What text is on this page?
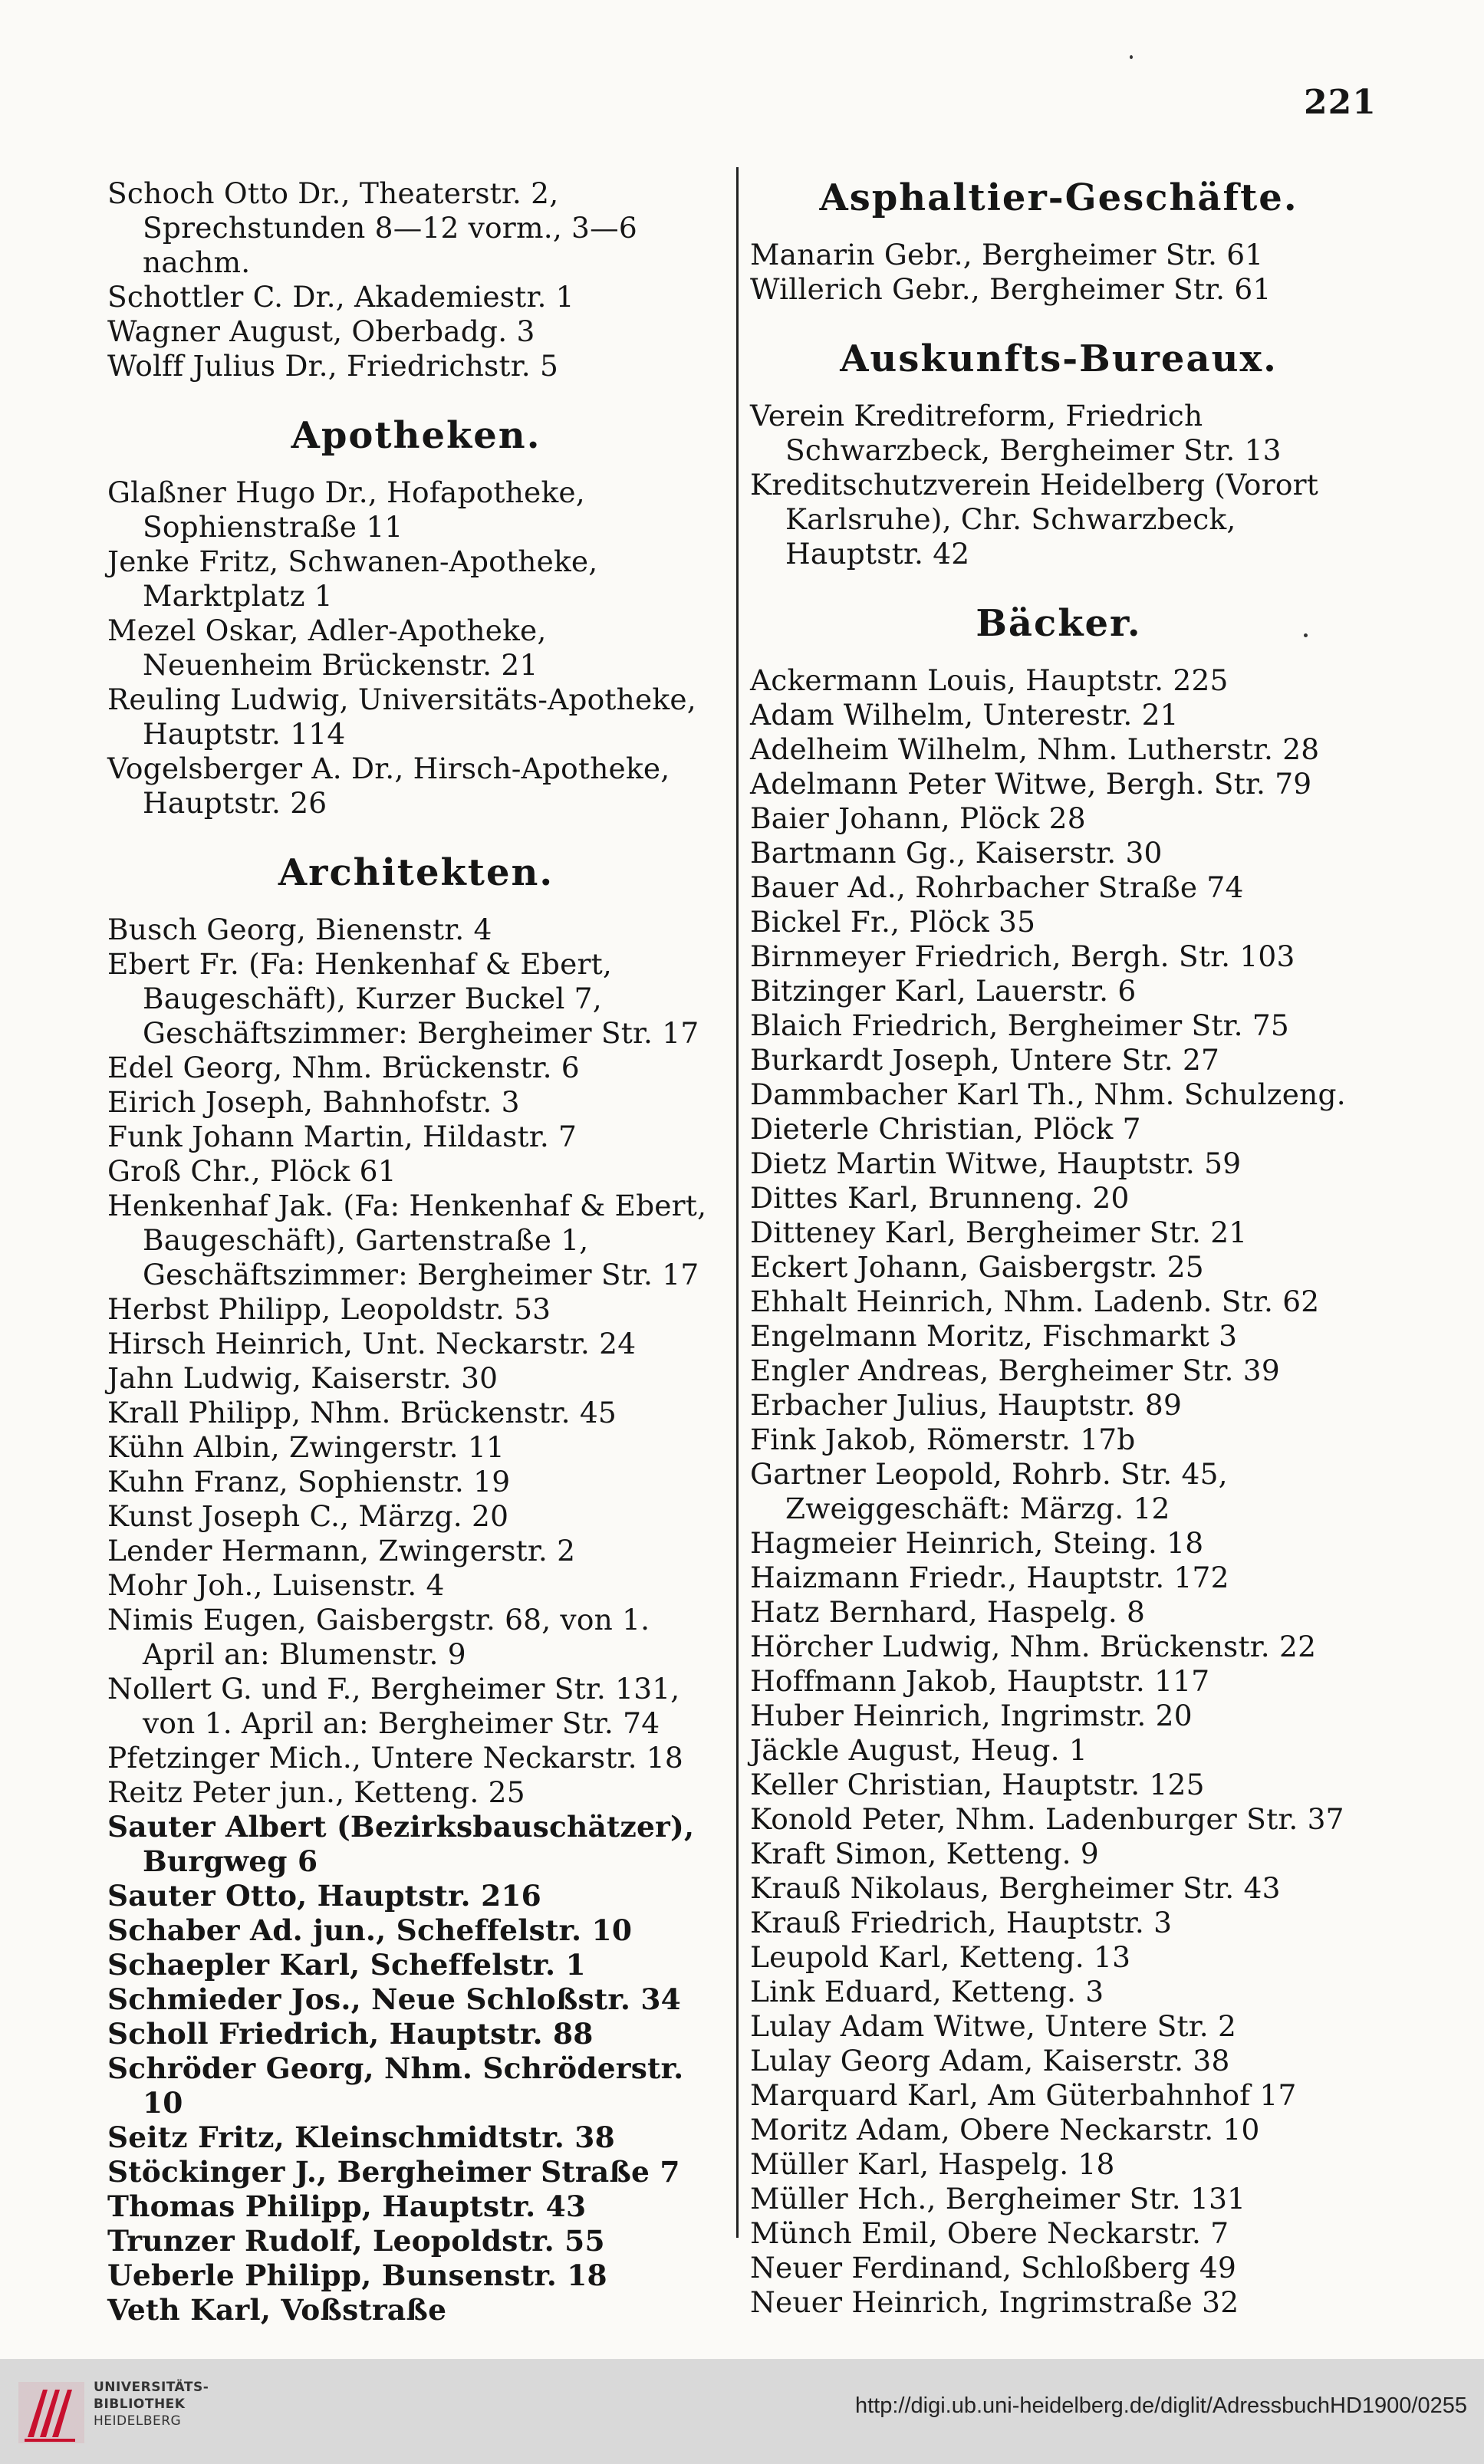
221
Schoch Otto Dr., Theaterstr. 2, Sprechstunden 8—12 vorm., 3—6 nachm.
Schottler C. Dr., Akademiestr. 1
Wagner August, Oberbadg. 3
Wolff Julius Dr., Friedrichstr. 5
Apotheken.
Glaßner Hugo Dr., Hofapotheke, Sophienstraße 11
Jenke Fritz, Schwanen-Apotheke, Marktplatz 1
Mezel Oskar, Adler-Apotheke, Neuenheim Brückenstr. 21
Reuling Ludwig, Universitäts-Apotheke, Hauptstr. 114
Vogelsberger A. Dr., Hirsch-Apotheke, Hauptstr. 26
Architekten.
Busch Georg, Bienenstr. 4
Ebert Fr. (Fa: Henkenhaf & Ebert, Baugeschäft), Kurzer Buckel 7, Geschäftszimmer: Bergheimer Str. 17
Edel Georg, Nhm. Brückenstr. 6
Eirich Joseph, Bahnhofstr. 3
Funk Johann Martin, Hildastr. 7
Groß Chr., Plöck 61
Henkenhaf Jak. (Fa: Henkenhaf & Ebert, Baugeschäft), Gartenstraße 1, Geschäftszimmer: Bergheimer Str. 17
Herbst Philipp, Leopoldstr. 53
Hirsch Heinrich, Unt. Neckarstr. 24
Jahn Ludwig, Kaiserstr. 30
Krall Philipp, Nhm. Brückenstr. 45
Kühn Albin, Zwingerstr. 11
Kuhn Franz, Sophienstr. 19
Kunst Joseph C., Märzg. 20
Lender Hermann, Zwingerstr. 2
Mohr Joh., Luisenstr. 4
Nimis Eugen, Gaisbergstr. 68, von 1. April an: Blumenstr. 9
Nollert G. und F., Bergheimer Str. 131, von 1. April an: Bergheimer Str. 74
Pfetzinger Mich., Untere Neckarstr. 18
Reitz Peter jun., Ketteng. 25
Sauter Albert (Bezirksbauschätzer), Burgweg 6
Sauter Otto, Hauptstr. 216
Schaber Ad. jun., Scheffelstr. 10
Schaepler Karl, Scheffelstr. 1
Schmieder Jos., Neue Schloßstr. 34
Scholl Friedrich, Hauptstr. 88
Schröder Georg, Nhm. Schröderstr. 10
Seitz Fritz, Kleinschmidtstr. 38
Stöckinger J., Bergheimer Straße 7
Thomas Philipp, Hauptstr. 43
Trunzer Rudolf, Leopoldstr. 55
Ueberle Philipp, Bunsenstr. 18
Veth Karl, Voßstraße
Asphaltier-Geschäfte.
Manarin Gebr., Bergheimer Str. 61
Willerich Gebr., Bergheimer Str. 61
Auskunfts-Bureaux.
Verein Kreditreform, Friedrich Schwarzbeck, Bergheimer Str. 13
Kreditschutzverein Heidelberg (Vorort Karlsruhe), Chr. Schwarzbeck, Hauptstr. 42
Bäcker.
Ackermann Louis, Hauptstr. 225
Adam Wilhelm, Unterestr. 21
Adelheim Wilhelm, Nhm. Lutherstr. 28
Adelmann Peter Witwe, Bergh. Str. 79
Baier Johann, Plöck 28
Bartmann Gg., Kaiserstr. 30
Bauer Ad., Rohrbacher Straße 74
Bickel Fr., Plöck 35
Birnmeyer Friedrich, Bergh. Str. 103
Bitzinger Karl, Lauerstr. 6
Blaich Friedrich, Bergheimer Str. 75
Burkardt Joseph, Untere Str. 27
Dammbacher Karl Th., Nhm. Schulzeng.
Dieterle Christian, Plöck 7
Dietz Martin Witwe, Hauptstr. 59
Dittes Karl, Brunneng. 20
Ditteney Karl, Bergheimer Str. 21
Eckert Johann, Gaisbergstr. 25
Ehhalt Heinrich, Nhm. Ladenb. Str. 62
Engelmann Moritz, Fischmarkt 3
Engler Andreas, Bergheimer Str. 39
Erbacher Julius, Hauptstr. 89
Fink Jakob, Römerstr. 17b
Gartner Leopold, Rohrb. Str. 45, Zweiggeschäft: Märzg. 12
Hagmeier Heinrich, Steing. 18
Haizmann Friedr., Hauptstr. 172
Hatz Bernhard, Haspelg. 8
Hörcher Ludwig, Nhm. Brückenstr. 22
Hoffmann Jakob, Hauptstr. 117
Huber Heinrich, Ingrimstr. 20
Jäckle August, Heug. 1
Keller Christian, Hauptstr. 125
Konold Peter, Nhm. Ladenburger Str. 37
Kraft Simon, Ketteng. 9
Krauß Nikolaus, Bergheimer Str. 43
Krauß Friedrich, Hauptstr. 3
Leupold Karl, Ketteng. 13
Link Eduard, Ketteng. 3
Lulay Adam Witwe, Untere Str. 2
Lulay Georg Adam, Kaiserstr. 38
Marquard Karl, Am Güterbahnhof 17
Moritz Adam, Obere Neckarstr. 10
Müller Karl, Haspelg. 18
Müller Hch., Bergheimer Str. 131
Münch Emil, Obere Neckarstr. 7
Neuer Ferdinand, Schloßberg 49
Neuer Heinrich, Ingrimstraße 32
UNIVERSITÄTS-
BIBLIOTHEK
HEIDELBERG
http://digi.ub.uni-heidelberg.de/diglit/AdressbuchHD1900/0255
